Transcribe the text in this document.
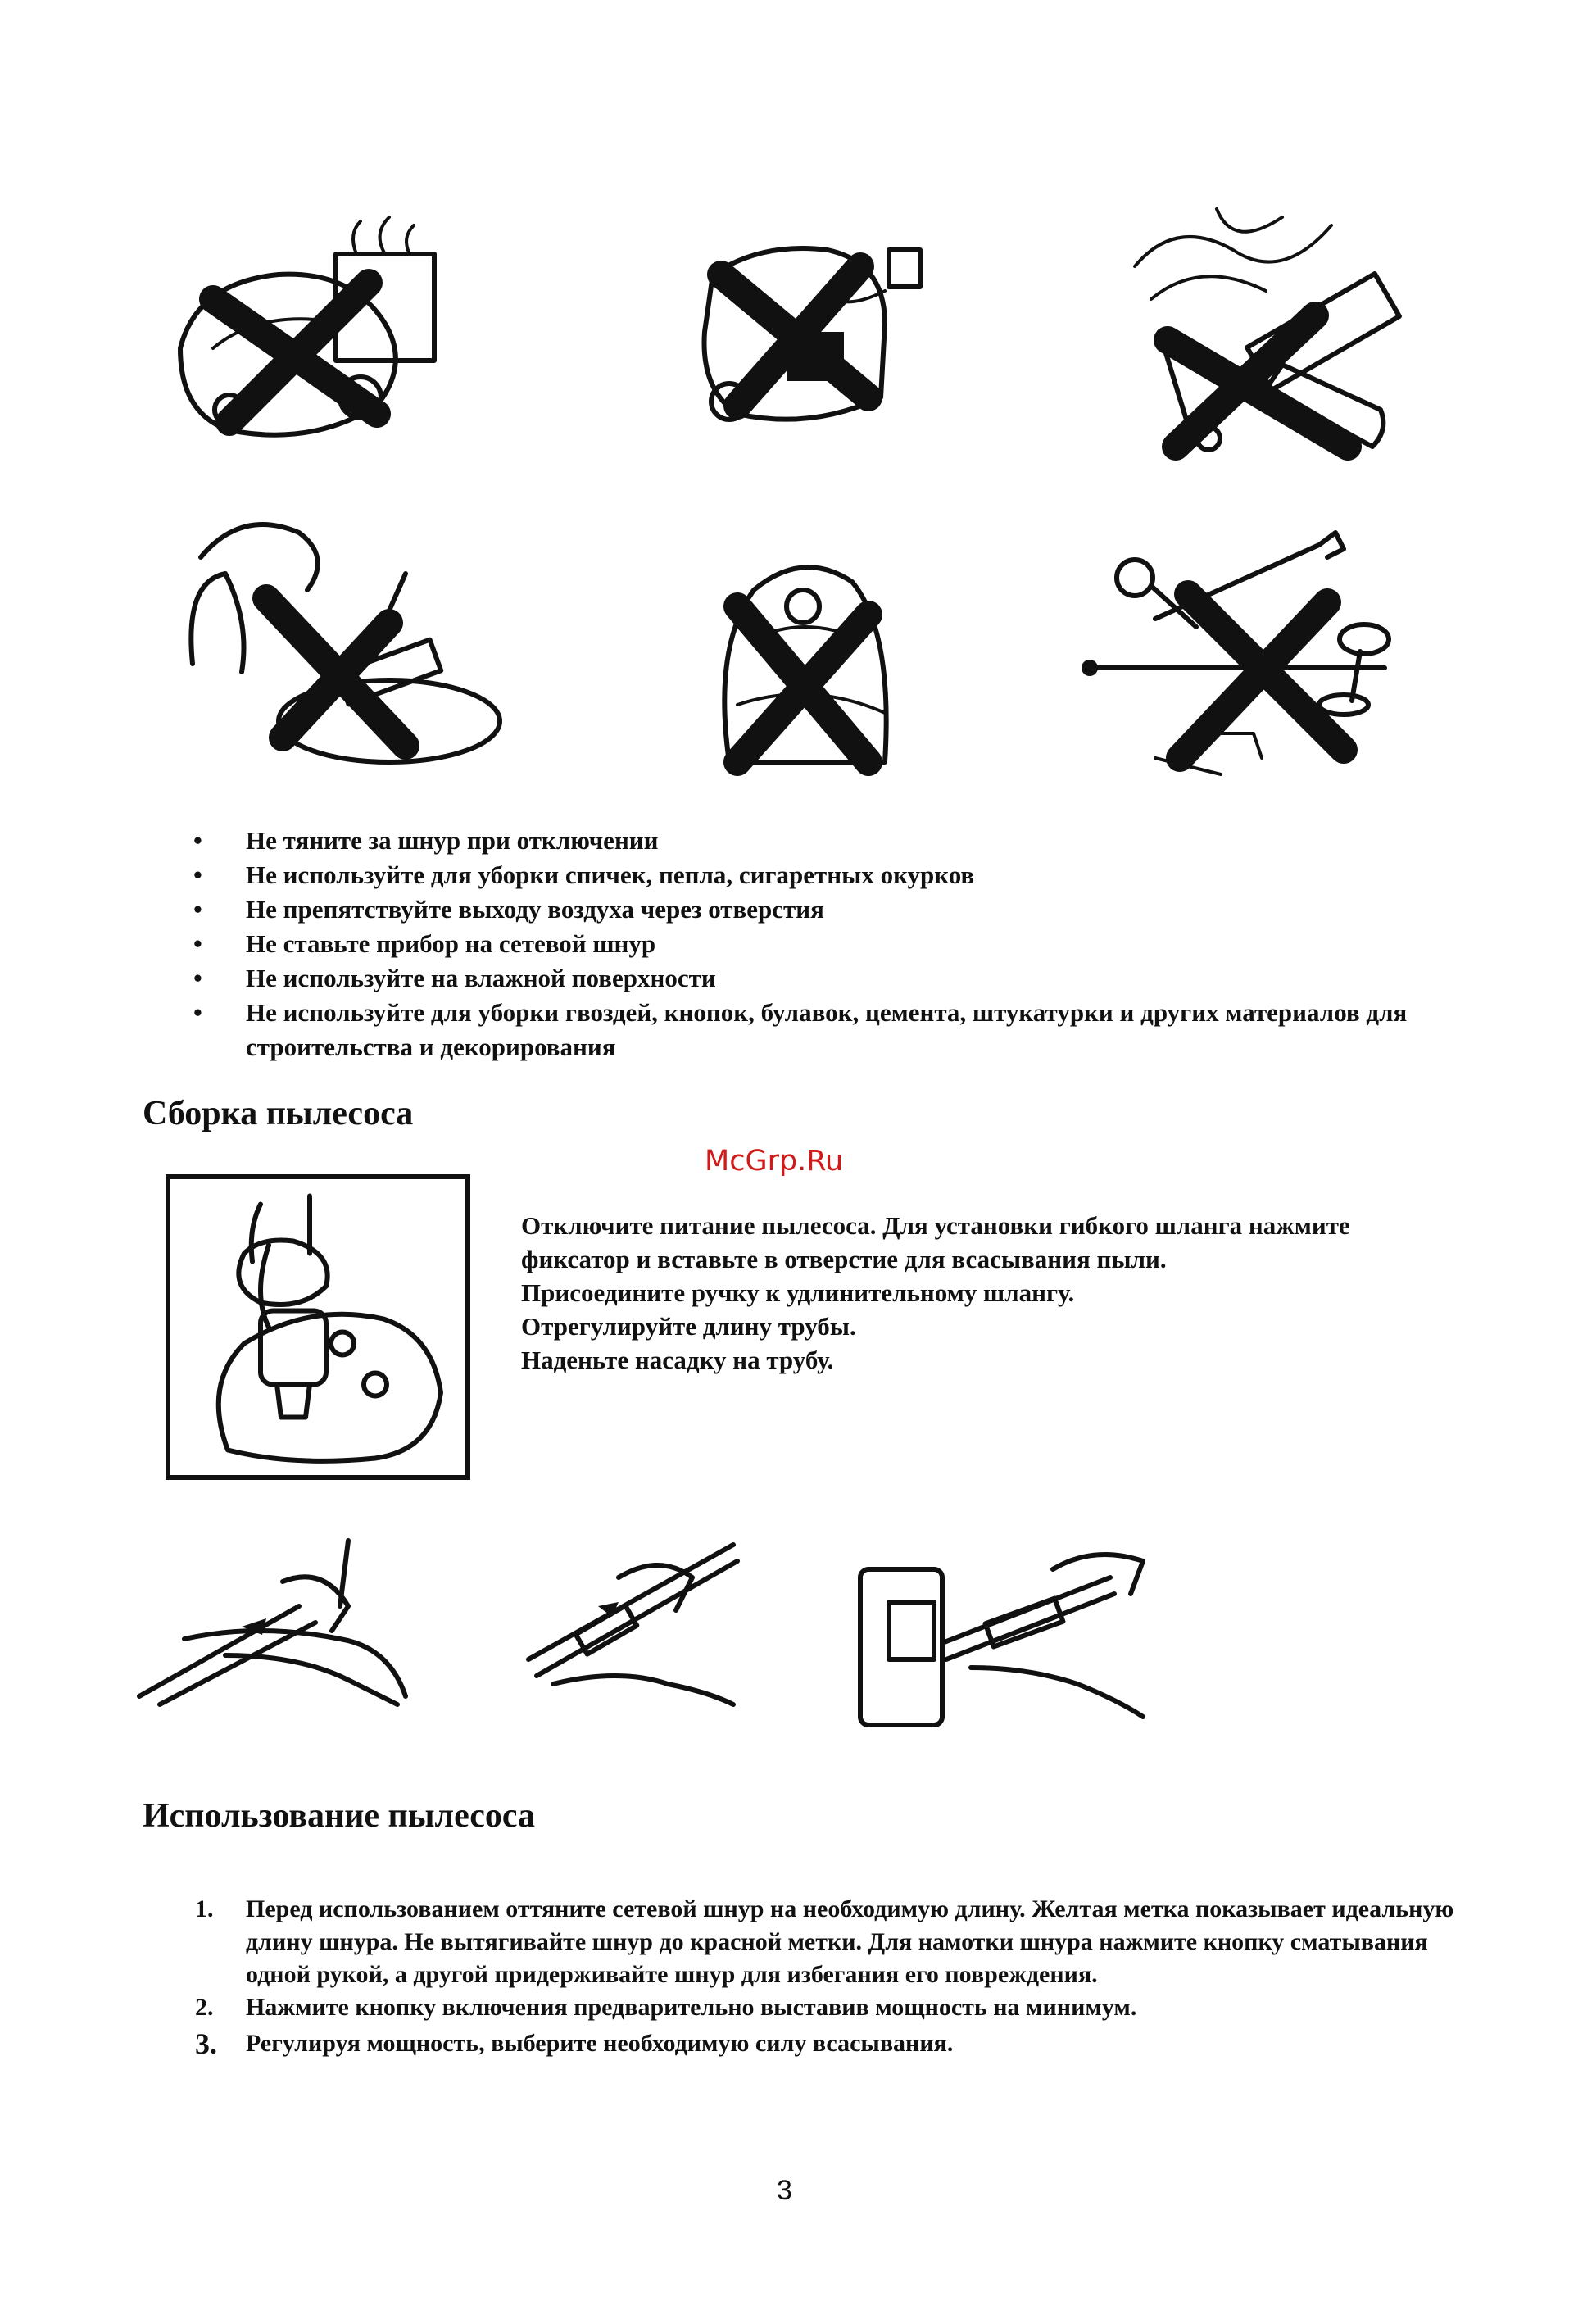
• Не тяните за шнур при отключении
• Не используйте для уборки спичек, пепла, сигаретных окурков
• Не препятствуйте выходу воздуха через отверстия
• Не ставьте прибор на сетевой шнур
• Не используйте на влажной поверхности
• Не используйте для уборки гвоздей, кнопок, булавок, цемента, штукатурки и других материалов для строительства и декорирования
Сборка пылесоса
McGrp.Ru
Отключите питание пылесоса. Для установки гибкого шланга нажмите
фиксатор и вставьте в отверстие для всасывания пыли.
Присоедините ручку к удлинительному шлангу.
Отрегулируйте длину трубы.
Наденьте насадку на трубу.
Использование пылесоса
1. Перед использованием оттяните сетевой шнур на необходимую длину. Желтая метка показывает идеальную длину шнура. Не вытягивайте шнур до красной метки. Для намотки шнура нажмите кнопку сматывания одной рукой, а другой придерживайте шнур для избегания его повреждения.
2. Нажмите кнопку включения предварительно выставив мощность на минимум.
3. Регулируя мощность, выберите необходимую силу всасывания.
3
